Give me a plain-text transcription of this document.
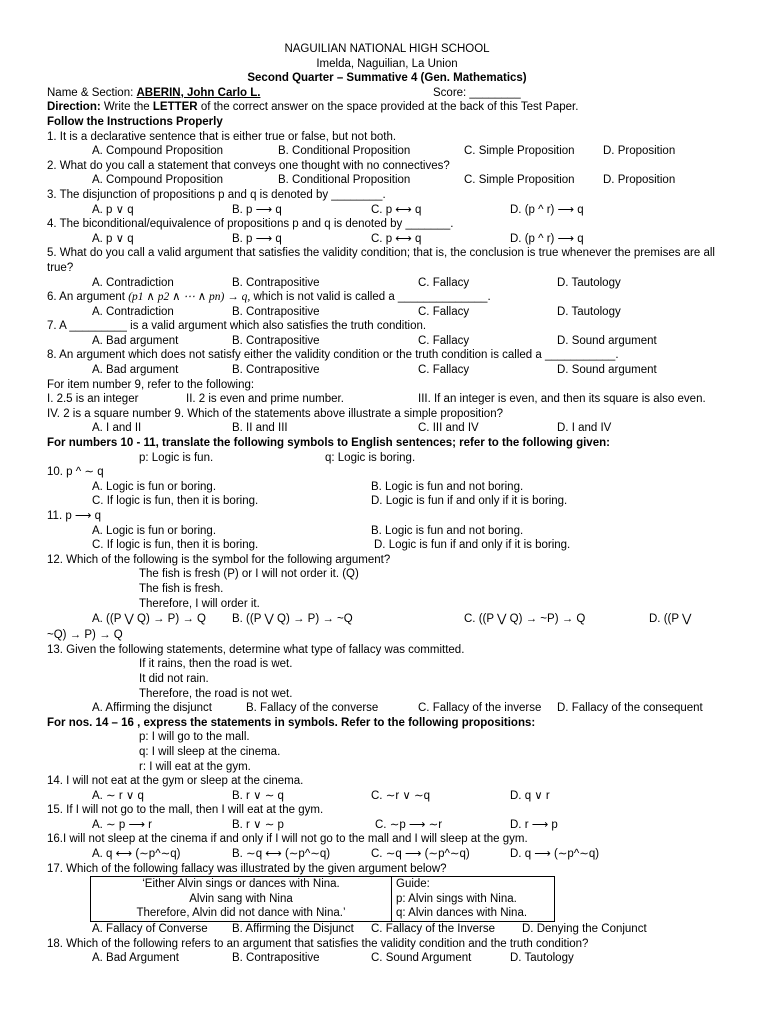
NAGUILIAN NATIONAL HIGH SCHOOL
Imelda, Naguilian, La Union
Second Quarter – Summative 4 (Gen. Mathematics)
Name & Section: ABERIN, John Carlo L.	Score: ________
Direction: Write the LETTER of the correct answer on the space provided at the back of this Test Paper.
Follow the Instructions Properly
1. It is a declarative sentence that is either true or false, but not both.
A. Compound Proposition	B. Conditional Proposition	C. Simple Proposition D. Proposition
2. What do you call a statement that conveys one thought with no connectives?
A. Compound Proposition	B. Conditional Proposition	C. Simple Proposition D. Proposition
3. The disjunction of propositions p and q is denoted by ________.
A. p ∨ q	B. p ⟶ q	C. p ⟷ q	D. (p ^ r) ⟶ q
4. The biconditional/equivalence of propositions p and q is denoted by _______.
A. p ∨ q	B. p ⟶ q	C. p ⟷ q	D. (p ^ r) ⟶ q
5. What do you call a valid argument that satisfies the validity condition; that is, the conclusion is true whenever the premises are all true?
A. Contradiction	B. Contrapositive	C. Fallacy	D. Tautology
6. An argument (p1 ∧ p2 ∧ ⋯ ∧ pn) → q, which is not valid is called a ______________.
A. Contradiction	B. Contrapositive	C. Fallacy	D. Tautology
7. A _________ is a valid argument which also satisfies the truth condition.
A. Bad argument	B. Contrapositive	C. Fallacy	D. Sound argument
8. An argument which does not satisfy either the validity condition or the truth condition is called a ___________.
A. Bad argument	B. Contrapositive	C. Fallacy	D. Sound argument
For item number 9, refer to the following:
I. 2.5 is an integer	II. 2 is even and prime number.	III. If an integer is even, and then its square is also even.
IV. 2 is a square number 9. Which of the statements above illustrate a simple proposition?
A. I and II	B. II and III	C. III and IV	D. I and IV
For numbers 10 - 11, translate the following symbols to English sentences; refer to the following given:
p: Logic is fun.	q: Logic is boring.
10. p ^ ∼ q
A. Logic is fun or boring.	B. Logic is fun and not boring.
C. If logic is fun, then it is boring.	D. Logic is fun if and only if it is boring.
11. p ⟶ q
A. Logic is fun or boring.	B. Logic is fun and not boring.
C. If logic is fun, then it is boring.	D. Logic is fun if and only if it is boring.
12. Which of the following is the symbol for the following argument?
The fish is fresh (P) or I will not order it. (Q)
The fish is fresh.
Therefore, I will order it.
A. ((P ⋁ Q) → P) → Q B. ((P ⋁ Q) → P) → ~Q	C. ((P ⋁ Q) → ~P) → Q	D. ((P ⋁
~Q) → P) → Q
13. Given the following statements, determine what type of fallacy was committed.
If it rains, then the road is wet.
It did not rain.
Therefore, the road is not wet.
A. Affirming the disjunct	B. Fallacy of the converse	C. Fallacy of the inverse D. Fallacy of the consequent
For nos. 14 – 16 , express the statements in symbols. Refer to the following propositions:
p: I will go to the mall.
q: I will sleep at the cinema.
r: I will eat at the gym.
14. I will not eat at the gym or sleep at the cinema.
A. ∼ r ∨ q	B. r ∨ ∼ q	C. ∼r ∨ ∼q	D. q ∨ r
15. If I will not go to the mall, then I will eat at the gym.
A. ∼ p ⟶ r	B. r ∨ ∼ p	C. ∼p ⟶ ∼r	D. r ⟶ p
16.I will not sleep at the cinema if and only if I will not go to the mall and I will sleep at the gym.
A. q ⟷ (∼p^∼q)	B. ∼q ⟷ (∼p^∼q)	C. ∼q ⟶ (∼p^∼q)	D. q ⟶ (∼p^∼q)
17. Which of the following fallacy was illustrated by the given argument below?
‘Either Alvin sings or dances with Nina.
Alvin sang with Nina
Therefore, Alvin did not dance with Nina.’

Guide:
p: Alvin sings with Nina.
q: Alvin dances with Nina.
A. Fallacy of Converse B. Affirming the Disjunct C. Fallacy of the Inverse D. Denying the Conjunct
18. Which of the following refers to an argument that satisfies the validity condition and the truth condition?
A. Bad Argument	B. Contrapositive	C. Sound Argument	D. Tautology
